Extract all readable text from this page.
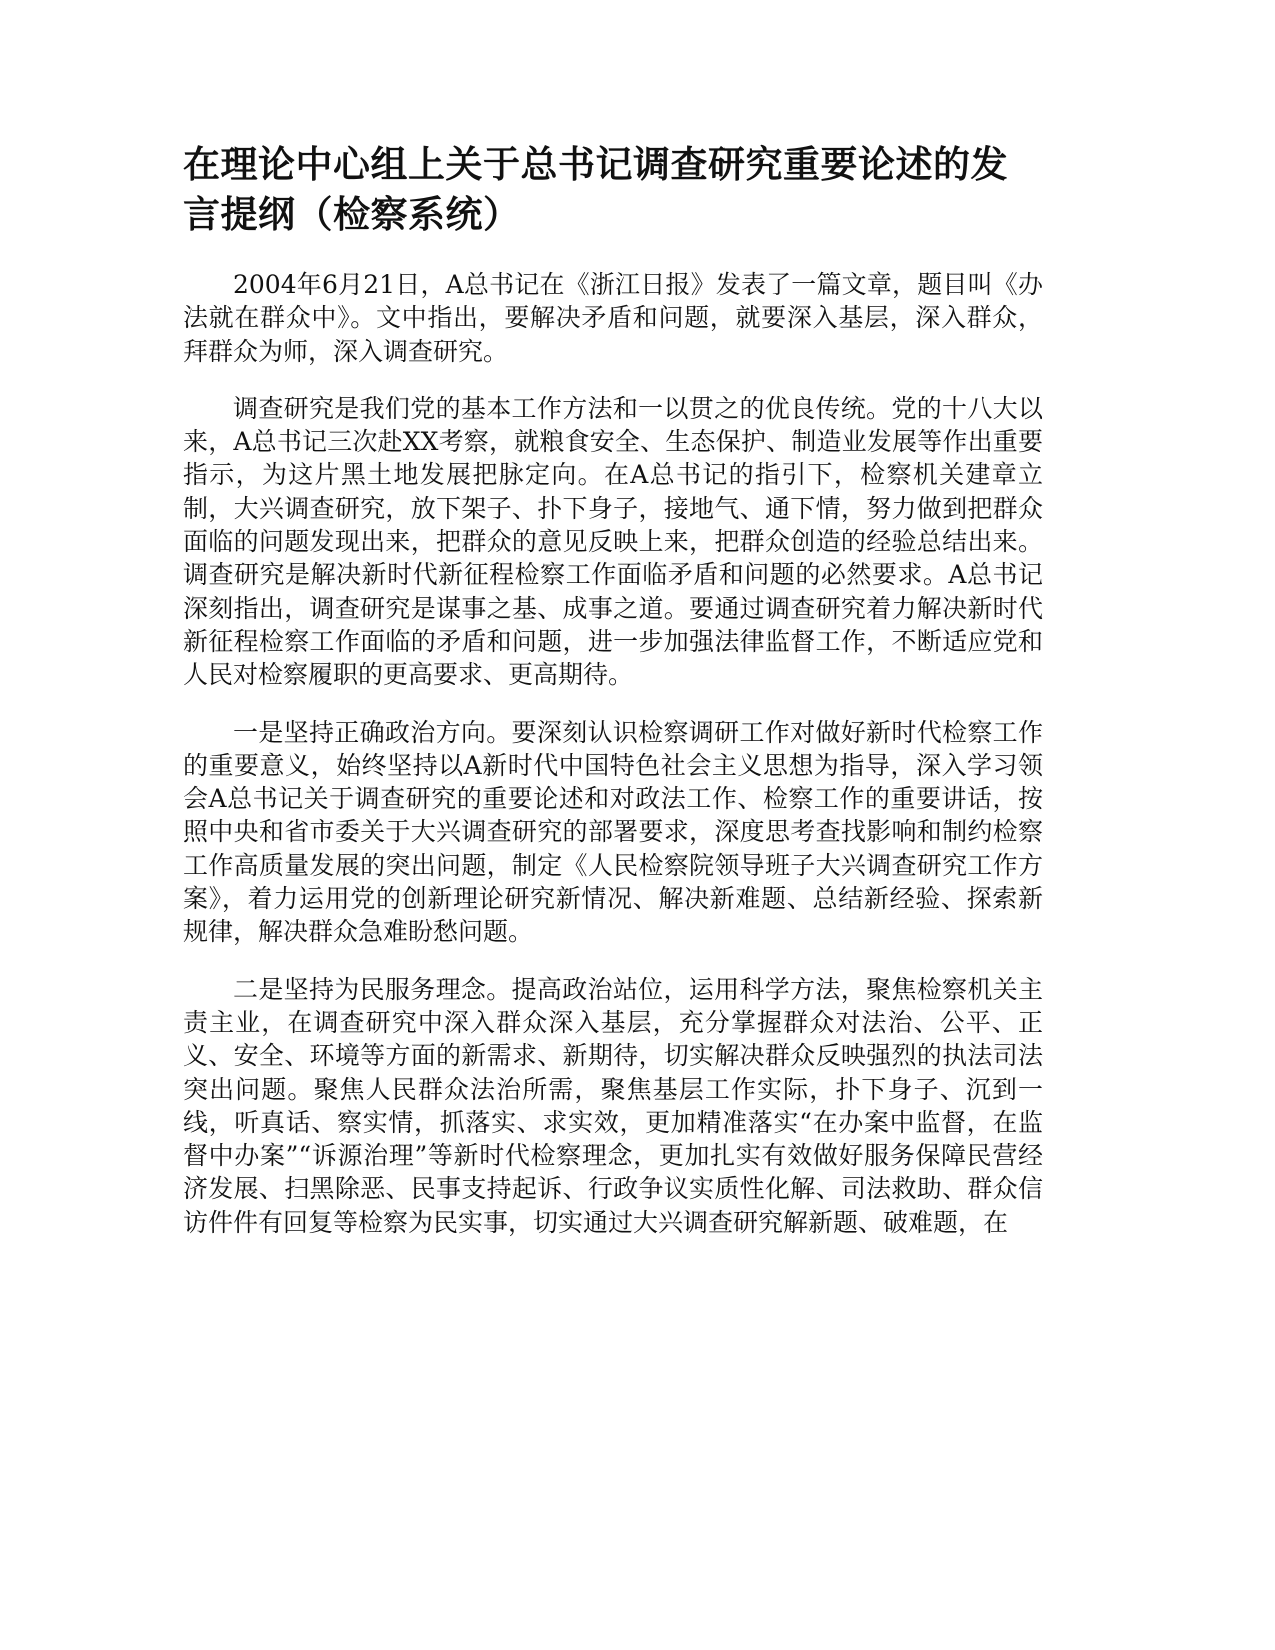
在理论中心组上关于总书记调查研究重要论述的发言提纲（检察系统）

2004年6月21日，A总书记在《浙江日报》发表了一篇文章，题目叫《办法就在群众中》。文中指出，要解决矛盾和问题，就要深入基层，深入群众，拜群众为师，深入调查研究。

调查研究是我们党的基本工作方法和一以贯之的优良传统。党的十八大以来，A总书记三次赴XX考察，就粮食安全、生态保护、制造业发展等作出重要指示，为这片黑土地发展把脉定向。在A总书记的指引下，检察机关建章立制，大兴调查研究，放下架子、扑下身子，接地气、通下情，努力做到把群众面临的问题发现出来，把群众的意见反映上来，把群众创造的经验总结出来。调查研究是解决新时代新征程检察工作面临矛盾和问题的必然要求。A总书记深刻指出，调查研究是谋事之基、成事之道。要通过调查研究着力解决新时代新征程检察工作面临的矛盾和问题，进一步加强法律监督工作，不断适应党和人民对检察履职的更高要求、更高期待。

一是坚持正确政治方向。要深刻认识检察调研工作对做好新时代检察工作的重要意义，始终坚持以A新时代中国特色社会主义思想为指导，深入学习领会A总书记关于调查研究的重要论述和对政法工作、检察工作的重要讲话，按照中央和省市委关于大兴调查研究的部署要求，深度思考查找影响和制约检察工作高质量发展的突出问题，制定《人民检察院领导班子大兴调查研究工作方案》，着力运用党的创新理论研究新情况、解决新难题、总结新经验、探索新规律，解决群众急难盼愁问题。

二是坚持为民服务理念。提高政治站位，运用科学方法，聚焦检察机关主责主业，在调查研究中深入群众深入基层，充分掌握群众对法治、公平、正义、安全、环境等方面的新需求、新期待，切实解决群众反映强烈的执法司法突出问题。聚焦人民群众法治所需，聚焦基层工作实际，扑下身子、沉到一线，听真话、察实情，抓落实、求实效，更加精准落实“在办案中监督，在监督中办案”“诉源治理”等新时代检察理念，更加扎实有效做好服务保障民营经济发展、扫黑除恶、民事支持起诉、行政争议实质性化解、司法救助、群众信访件件有回复等检察为民实事，切实通过大兴调查研究解新题、破难题，在
